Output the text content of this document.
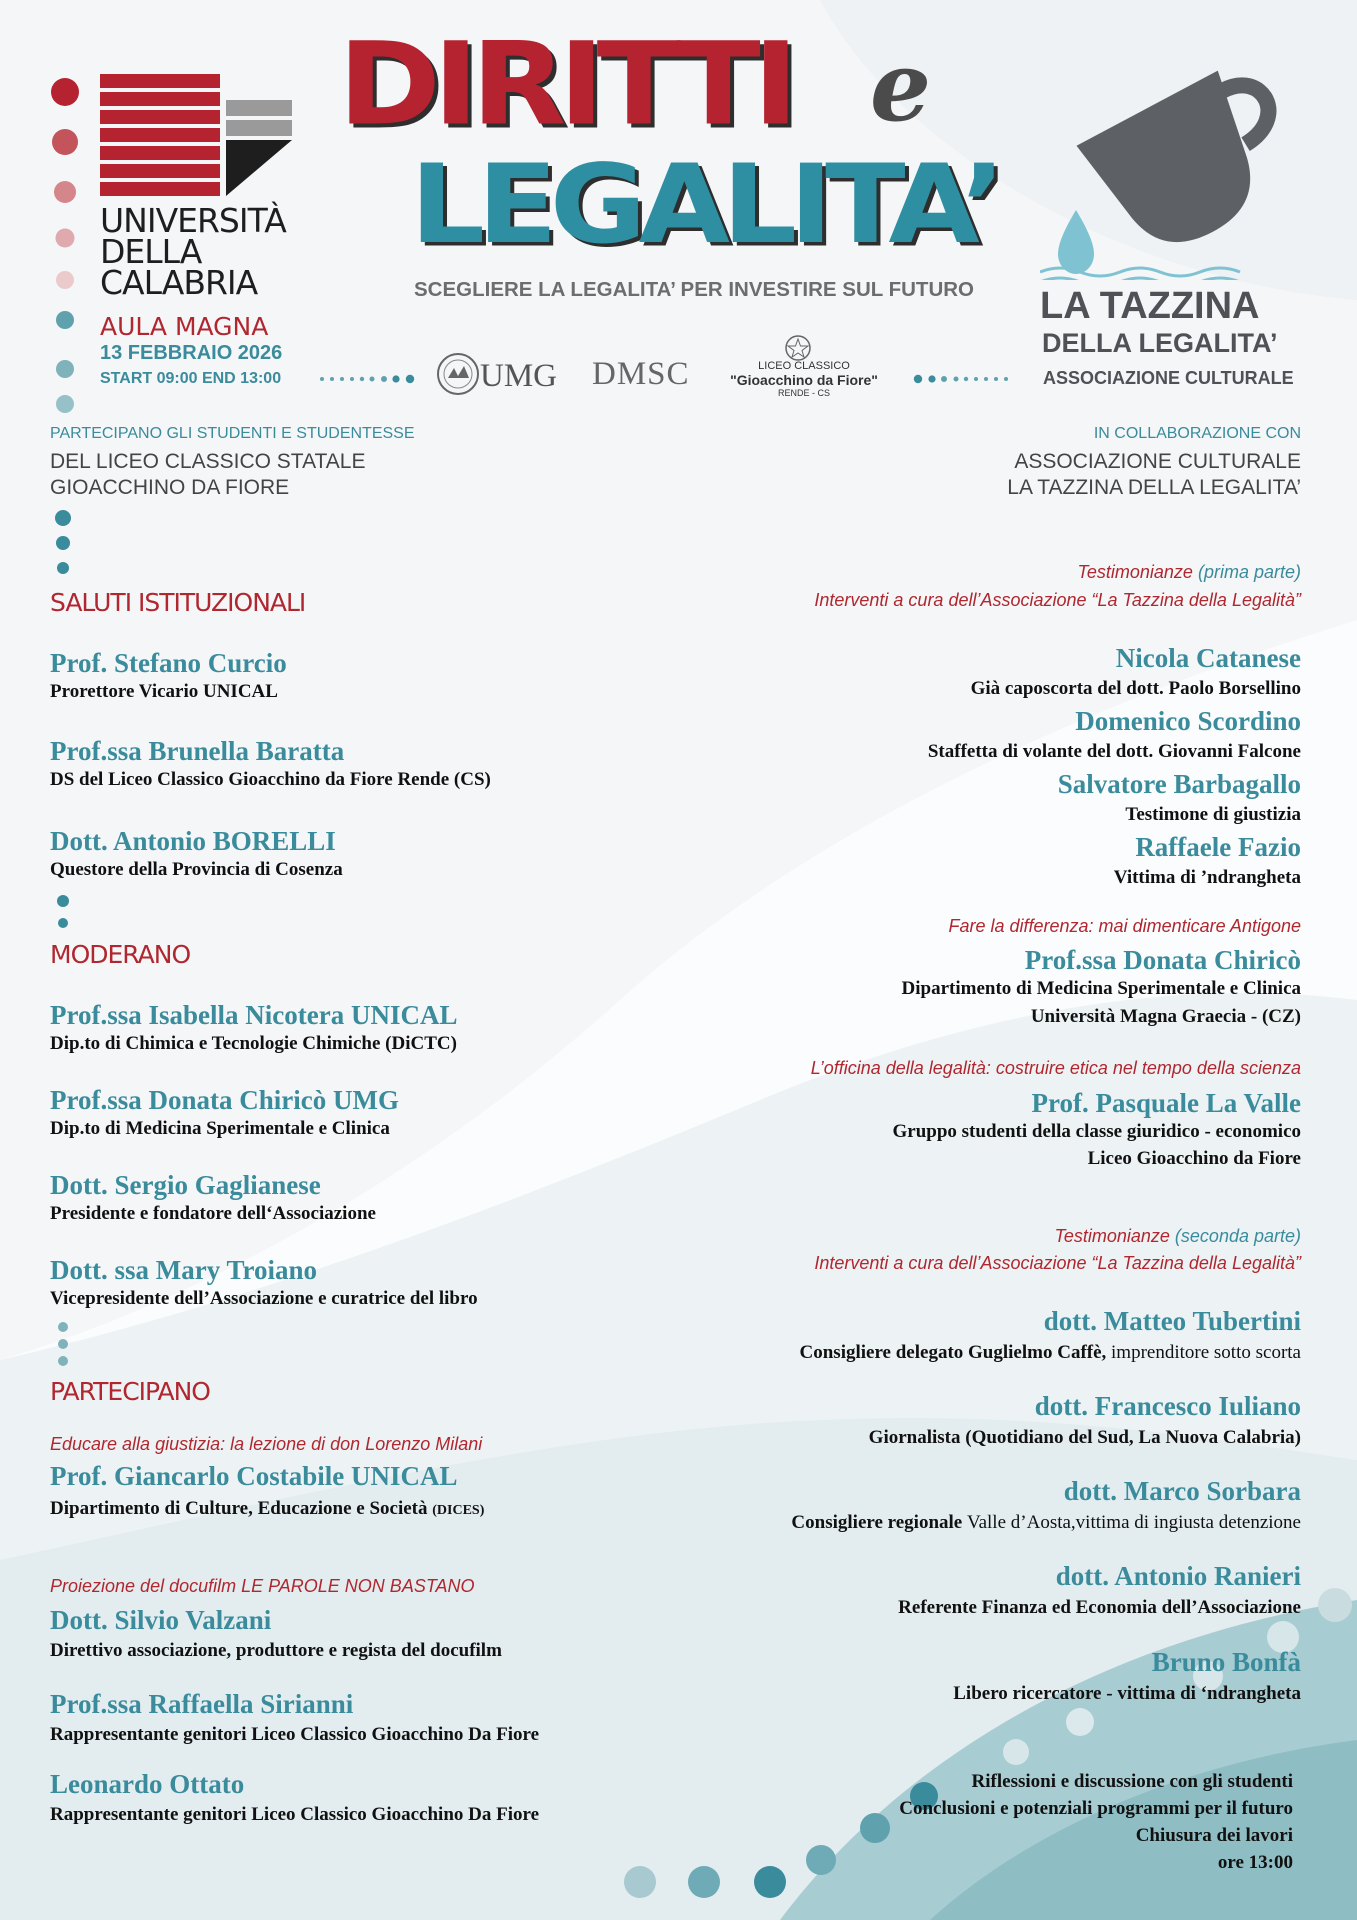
UNIVERSITÀ
DELLA
CALABRIA
AULA MAGNA
13 FEBBRAIO 2026
START 09:00 END 13:00
DIRITTI e
LEGALITA’
SCEGLIERE LA LEGALITA’ PER INVESTIRE SUL FUTURO
UMG DMSC	LICEO CLASSICO
"Gioacchino da Fiore"
RENDE - CS
LA TAZZINA
DELLA LEGALITA’
ASSOCIAZIONE CULTURALE
PARTECIPANO GLI STUDENTI E STUDENTESSE
DEL LICEO CLASSICO STATALE
GIOACCHINO DA FIORE
IN COLLABORAZIONE CON
ASSOCIAZIONE CULTURALE
LA TAZZINA DELLA LEGALITA’
SALUTI ISTITUZIONALI
Prof. Stefano Curcio
Prorettore Vicario UNICAL
Prof.ssa Brunella Baratta
DS del Liceo Classico Gioacchino da Fiore Rende (CS)
Dott. Antonio BORELLI
Questore della Provincia di Cosenza
MODERANO
Prof.ssa Isabella Nicotera UNICAL
Dip.to di Chimica e Tecnologie Chimiche (DiCTC)
Prof.ssa Donata Chiricò UMG
Dip.to di Medicina Sperimentale e Clinica
Dott. Sergio Gaglianese
Presidente e fondatore dell‘Associazione
Dott. ssa Mary Troiano
Vicepresidente dell’Associazione e curatrice del libro
PARTECIPANO
Educare alla giustizia: la lezione di don Lorenzo Milani
Prof. Giancarlo Costabile UNICAL
Dipartimento di Culture, Educazione e Società (DICES)
Proiezione del docufilm LE PAROLE NON BASTANO
Dott. Silvio Valzani
Direttivo associazione, produttore e regista del docufilm
Prof.ssa Raffaella Sirianni
Rappresentante genitori Liceo Classico Gioacchino Da Fiore
Leonardo Ottato
Rappresentante genitori Liceo Classico Gioacchino Da Fiore
Testimonianze (prima parte)
Interventi a cura dell’Associazione “La Tazzina della Legalità”
Nicola Catanese
Già caposcorta del dott. Paolo Borsellino
Domenico Scordino
Staffetta di volante del dott. Giovanni Falcone
Salvatore Barbagallo
Testimone di giustizia
Raffaele Fazio
Vittima di ’ndrangheta
Fare la differenza: mai dimenticare Antigone
Prof.ssa Donata Chiricò
Dipartimento di Medicina Sperimentale e Clinica
Università Magna Graecia - (CZ)
L’officina della legalità: costruire etica nel tempo della scienza
Prof. Pasquale La Valle
Gruppo studenti della classe giuridico - economico
Liceo Gioacchino da Fiore
Testimonianze (seconda parte)
Interventi a cura dell’Associazione “La Tazzina della Legalità”
dott. Matteo Tubertini
Consigliere delegato Guglielmo Caffè, imprenditore sotto scorta
dott. Francesco Iuliano
Giornalista (Quotidiano del Sud, La Nuova Calabria)
dott. Marco Sorbara
Consigliere regionale Valle d’Aosta,vittima di ingiusta detenzione
dott. Antonio Ranieri
Referente Finanza ed Economia dell’Associazione
Bruno Bonfà
Libero ricercatore - vittima di ‘ndrangheta
Riflessioni e discussione con gli studenti
Conclusioni e potenziali programmi per il futuro
Chiusura dei lavori
ore 13:00
